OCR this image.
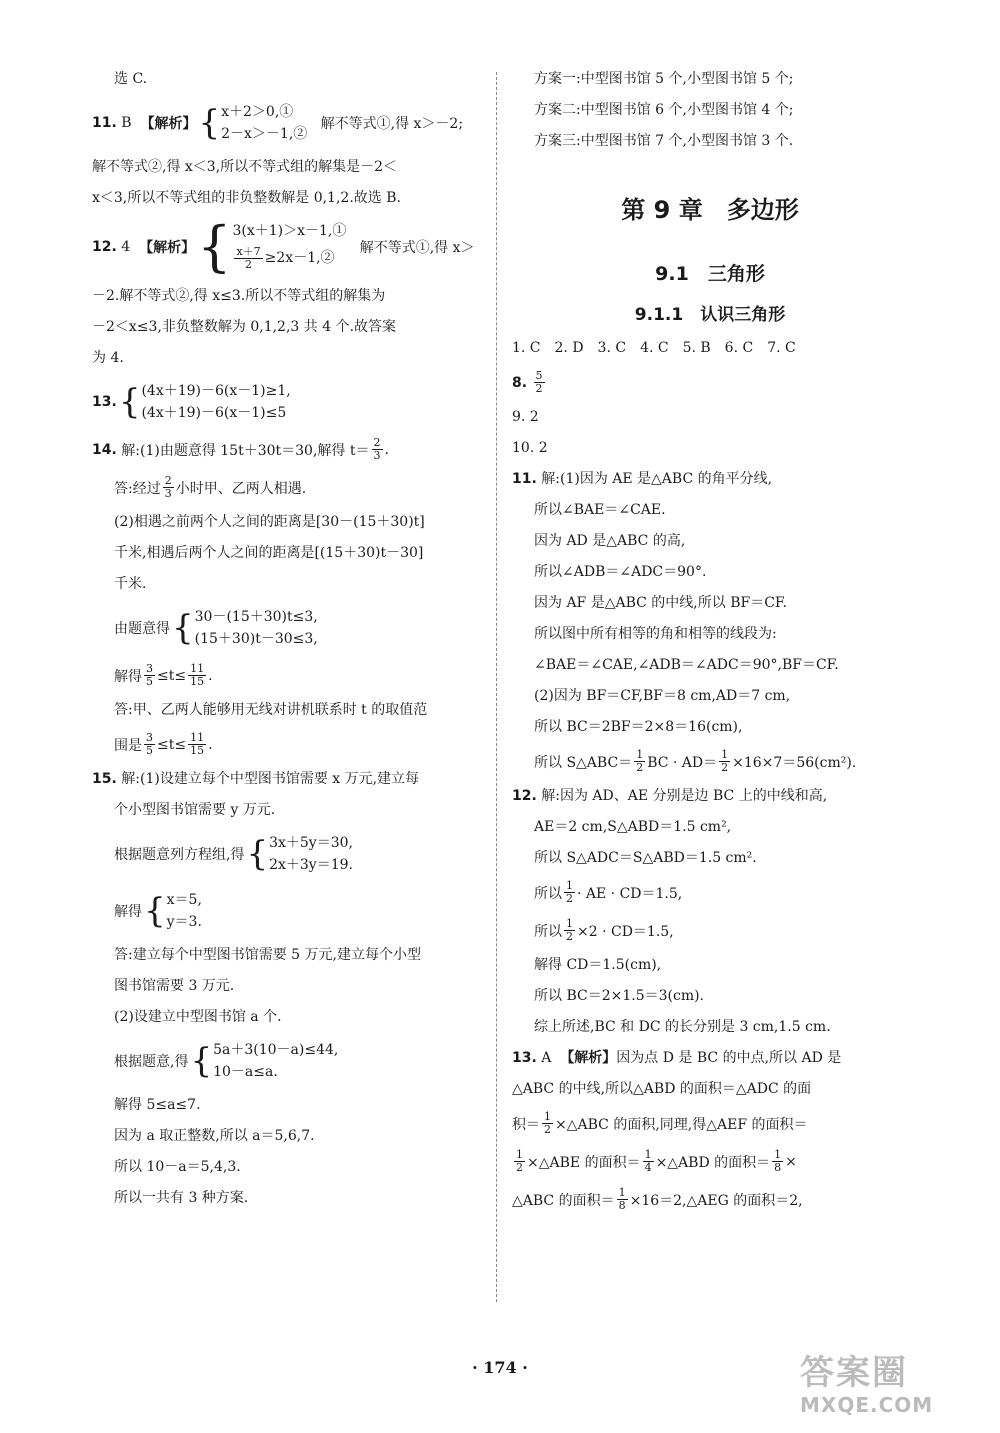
选 C.
11.
B
【解析】 { x＋2＞0,①
2－x＞－1,②

解不等式①,得 x＞－2;
解不等式②,得 x＜3,所以不等式组的解集是－2＜
x＜3,所以不等式组的非负整数解是 0,1,2.故选 B.
12.
4
【解析】 { 3(x＋1)＞x－1,①
$\frac{x+7}{2}$ ≥2x－1,②

解不等式①,得 x＞
－2.解不等式②,得 x≤3.所以不等式组的解集为
－2＜x≤3,非负整数解为 0,1,2,3 共 4 个.故答案
为 4.
13. { (4x＋19)－6(x－1)≥1,
(4x＋19)－6(x－1)≤5
14.
解:(1)由题意得 15t＋30t＝30,解得 $t= \frac{2}{3}$ .
答:经过 $\frac{2}{3}$ 小时甲、乙两人相遇.
(2)相遇之前两个人之间的距离是[30－(15＋30)t]
千米,相遇后两个人之间的距离是[(15＋30)t－30]
千米.
由题意得 { 30－(15＋30)t≤3,
(15＋30)t－30≤3,
解得 $\frac{3}{5} \le t\le \frac{11}{15}$ .
答:甲、乙两人能够用无线对讲机联系时 t 的取值范
围是 $\frac{3}{5} \le t\le \frac{11}{15}$ .
15. 解:(1)设建立每个中型图书馆需要 x 万元,建立每
个小型图书馆需要 y 万元.
根据题意列方程组,得 { 3x＋5y＝30,
2x＋3y＝19.
解得 { x＝5,
y＝3.
答:建立每个中型图书馆需要 5 万元,建立每个小型
图书馆需要 3 万元.
(2)设建立中型图书馆 a 个.
根据题意,得 { 5a＋3(10－a)≤44,
10－a≤a.
解得 5≤a≤7.
因为 a 取正整数,所以 a＝5,6,7.
所以 10－a＝5,4,3.
所以一共有 3 种方案.
方案一:中型图书馆 5 个,小型图书馆 5 个;
方案二:中型图书馆 6 个,小型图书馆 4 个;
方案三:中型图书馆 7 个,小型图书馆 3 个.
第 9 章　多边形
9.1　三角形
9.1.1　认识三角形
1. C　2. D　3. C　4. C　5. B　6. C　7. C
8.
$\frac{5}{2}$
9. 2
10. 2
11. 解:(1)因为 AE 是△ABC 的角平分线,
所以∠BAE＝∠CAE.
因为 AD 是△ABC 的高,
所以∠ADB＝∠ADC＝90°.
因为 AF 是△ABC 的中线,所以 BF＝CF.
所以图中所有相等的角和相等的线段为:
∠BAE＝∠CAE,∠ADB＝∠ADC＝90°,BF＝CF.
(2)因为 BF＝CF,BF＝8 cm,AD＝7 cm,
所以 BC＝2BF＝2×8＝16(cm),
所以 S△ABC＝ $\frac{1}{2}$ BC · $AD= \frac{1}{2} \times 16\times 7=56(cm^2)$.
12. 解:因为 AD、AE 分别是边 BC 上的中线和高,
AE＝2 cm,S△ABD＝1.5 cm²,
所以 S△ADC＝S△ABD＝1.5 cm².
所以 $\frac{1}{2}$ · AE · CD＝1.5,
所以 $\frac{1}{2} \times 2 \cdot CD=1.5$,
解得 CD＝1.5(cm),
所以 BC＝2×1.5＝3(cm).
综上所述,BC 和 DC 的长分别是 3 cm,1.5 cm.
13. A 【解析】因为点 D 是 BC 的中点,所以 AD 是
△ABC 的中线,所以△ABD 的面积＝△ADC 的面
积＝ $\frac{1}{2}$ ×△ABC 的面积,同理,得△AEF 的面积＝
$\frac{1}{2}$ ×△ABE 的面积＝ $\frac{1}{4}$ ×△ABD 的面积＝ $\frac{1}{8}$ ×
△ABC 的面积＝ $\frac{1}{8}$ ×16＝2,△AEG 的面积＝2,
· 174 ·	答案圈
MXQE.COM
